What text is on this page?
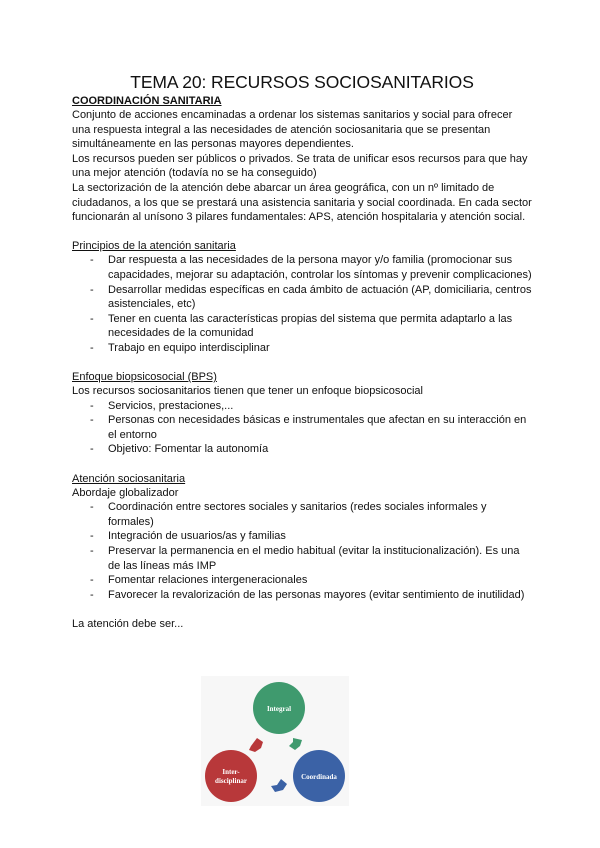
TEMA 20: RECURSOS SOCIOSANITARIOS
COORDINACIÓN SANITARIA

Conjunto de acciones encaminadas a ordenar los sistemas sanitarios y social para ofrecer una respuesta integral a las necesidades de atención sociosanitaria que se presentan simultáneamente en las personas mayores dependientes.

Los recursos pueden ser públicos o privados. Se trata de unificar esos recursos para que hay una mejor atención (todavía no se ha conseguido)

La sectorización de la atención debe abarcar un área geográfica, con un nº limitado de ciudadanos, a los que se prestará una asistencia sanitaria y social coordinada. En cada sector funcionarán al unísono 3 pilares fundamentales: APS, atención hospitalaria y atención social.

Principios de la atención sanitaria
- Dar respuesta a las necesidades de la persona mayor y/o familia (promocionar sus capacidades, mejorar su adaptación, controlar los síntomas y prevenir complicaciones)
- Desarrollar medidas específicas en cada ámbito de actuación (AP, domiciliaria, centros asistenciales, etc)
- Tener en cuenta las características propias del sistema que permita adaptarlo a las necesidades de la comunidad
- Trabajo en equipo interdisciplinar
Enfoque biopsicosocial (BPS)

Los recursos sociosanitarios tienen que tener un enfoque biopsicosocial

- Servicios, prestaciones,...
- Personas con necesidades básicas e instrumentales que afectan en su interacción en el entorno
- Objetivo: Fomentar la autonomía
Atención sociosanitaria

Abordaje globalizador

- Coordinación entre sectores sociales y sanitarios (redes sociales informales y formales)
- Integración de usuarios/as y familias
- Preservar la permanencia en el medio habitual (evitar la institucionalización). Es una de las líneas más IMP
- Fomentar relaciones intergeneracionales
- Favorecer la revalorización de las personas mayores (evitar sentimiento de inutilidad)

La atención debe ser...

Integral
Coordinada
Inter-
disciplinar
